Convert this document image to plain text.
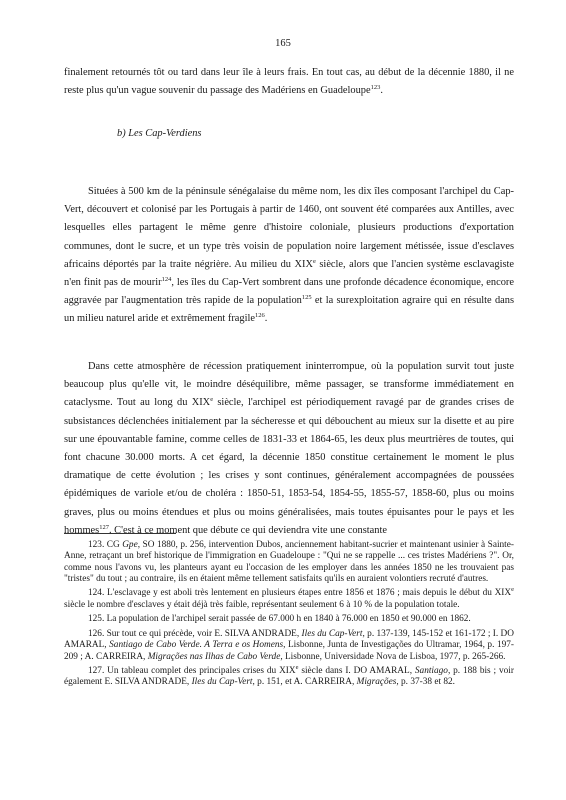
165

finalement retournés tôt ou tard dans leur île à leurs frais. En tout cas, au début de la décennie 1880, il ne reste plus qu'un vague souvenir du passage des Madériens en Guadeloupe$^{123}$.

b) Les Cap-Verdiens

Situées à 500 km de la péninsule sénégalaise du même nom, les dix îles composant l'archipel du Cap-Vert, découvert et colonisé par les Portugais à partir de 1460, ont souvent été comparées aux Antilles, avec lesquelles elles partagent le même genre d'histoire coloniale, plusieurs productions d'exportation communes, dont le sucre, et un type très voisin de population noire largement métissée, issue d'esclaves africains déportés par la traite négrière. Au milieu du XIXe siècle, alors que l'ancien système esclavagiste n'en finit pas de mourir$^{124}$, les îles du Cap-Vert sombrent dans une profonde décadence économique, encore aggravée par l'augmentation très rapide de la population$^{125}$ et la surexploitation agraire qui en résulte dans un milieu naturel aride et extrêmement fragile$^{126}$.

Dans cette atmosphère de récession pratiquement ininterrompue, où la population survit tout juste beaucoup plus qu'elle vit, le moindre déséquilibre, même passager, se transforme immédiatement en cataclysme. Tout au long du XIXe siècle, l'archipel est périodiquement ravagé par de grandes crises de subsistances déclenchées initialement par la sécheresse et qui débouchent au mieux sur la disette et au pire sur une épouvantable famine, comme celles de 1831-33 et 1864-65, les deux plus meurtrières de toutes, qui font chacune 30.000 morts. A cet égard, la décennie 1850 constitue certainement le moment le plus dramatique de cette évolution ; les crises y sont continues, généralement accompagnées de poussées épidémiques de variole et/ou de choléra : 1850-51, 1853-54, 1854-55, 1855-57, 1858-60, plus ou moins graves, plus ou moins étendues et plus ou moins généralisées, mais toutes épuisantes pour le pays et les hommes$^{127}$. C'est à ce moment que débute ce qui deviendra vite une constante

123. CG Gpe, SO 1880, p. 256, intervention Dubos, anciennement habitant-sucrier et maintenant usinier à Sainte-Anne, retraçant un bref historique de l'immigration en Guadeloupe : "Qui ne se rappelle ... ces tristes Madériens ?". Or, comme nous l'avons vu, les planteurs ayant eu l'occasion de les employer dans les années 1850 ne les trouvaient pas "tristes" du tout ; au contraire, ils en étaient même tellement satisfaits qu'ils en auraient volontiers recruté d'autres.

124. L'esclavage y est aboli très lentement en plusieurs étapes entre 1856 et 1876 ; mais depuis le début du XIXe siècle le nombre d'esclaves y était déjà très faible, représentant seulement 6 à 10 % de la population totale.

125. La population de l'archipel serait passée de 67.000 h en 1840 à 76.000 en 1850 et 90.000 en 1862.

126. Sur tout ce qui précède, voir E. SILVA ANDRADE, Iles du Cap-Vert, p. 137-139, 145-152 et 161-172 ; I. DO AMARAL, Santiago de Cabo Verde. A Terra e os Homens, Lisbonne, Junta de Investigações do Ultramar, 1964, p. 197-209 ; A. CARREIRA, Migrações nas Ilhas de Cabo Verde, Lisbonne, Universidade Nova de Lisboa, 1977, p. 265-266.

127. Un tableau complet des principales crises du XIXe siècle dans I. DO AMARAL, Santiago, p. 188 bis ; voir également E. SILVA ANDRADE, Iles du Cap-Vert, p. 151, et A. CARREIRA, Migrações, p. 37-38 et 82.
